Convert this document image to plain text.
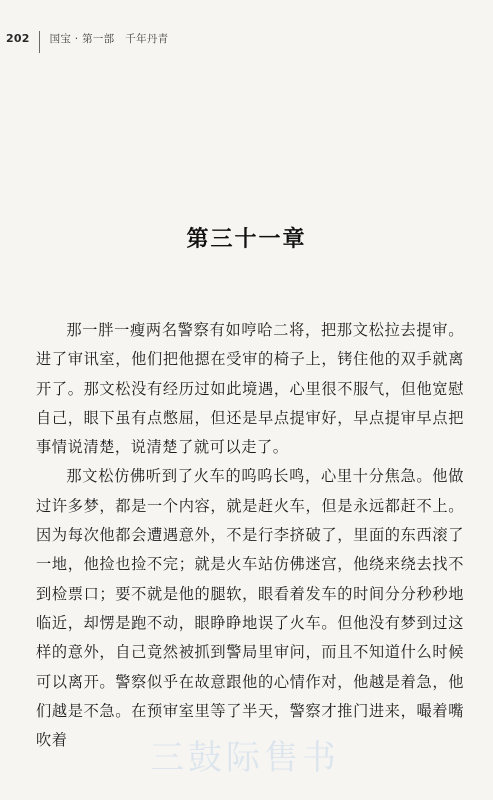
202 国宝 · 第一部　千年丹青
第三十一章

那一胖一瘦两名警察有如哼哈二将，把那文松拉去提审。进了审讯室，他们把他摁在受审的椅子上，铐住他的双手就离开了。那文松没有经历过如此境遇，心里很不服气，但他宽慰自己，眼下虽有点憋屈，但还是早点提审好，早点提审早点把事情说清楚，说清楚了就可以走了。

那文松仿佛听到了火车的呜呜长鸣，心里十分焦急。他做过许多梦，都是一个内容，就是赶火车，但是永远都赶不上。因为每次他都会遭遇意外，不是行李挤破了，里面的东西滚了一地，他捡也捡不完；就是火车站仿佛迷宫，他绕来绕去找不到检票口；要不就是他的腿软，眼看着发车的时间分分秒秒地临近，却愣是跑不动，眼睁睁地误了火车。但他没有梦到过这样的意外，自己竟然被抓到警局里审问，而且不知道什么时候可以离开。警察似乎在故意跟他的心情作对，他越是着急，他们越是不急。在预审室里等了半天，警察才推门进来，嘬着嘴吹着	三鼓际售书
